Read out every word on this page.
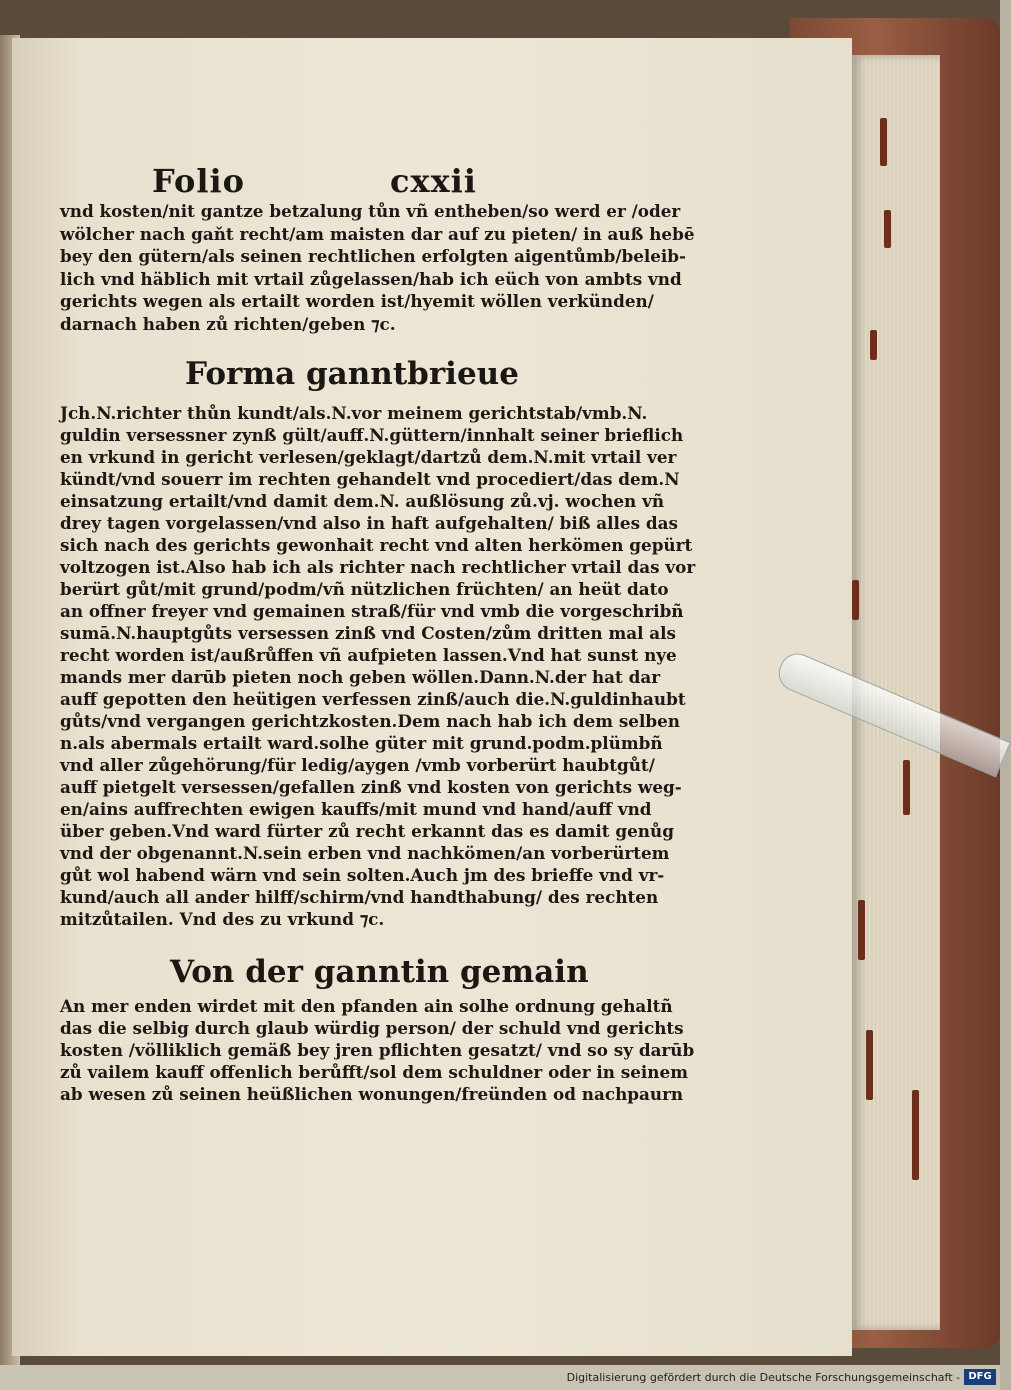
Folio	cxxii
vnd kosten/nit gantze betzalung tůn vñ entheben/so werd er /oder
wölcher nach gaňt recht/am maisten dar auf zu pieten/ in auß hebē
bey den gütern/als seinen rechtlichen erfolgten aigentůmb/beleib-
lich vnd häblich mit vrtail zůgelassen/hab ich eüch von ambts vnd
gerichts wegen als ertailt worden ist/hyemit wöllen verkünden/
darnach haben zů richten/geben ⁊c.
Forma ganntbrieue
Jch.N.richter thůn kundt/als.N.vor meinem gerichtstab/vmb.N.
guldin versessner zynß gült/auff.N.güttern/innhalt seiner brieflich
en vrkund in gericht verlesen/geklagt/dartzů dem.N.mit vrtail ver
kündt/vnd souerr im rechten gehandelt vnd procediert/das dem.N
einsatzung ertailt/vnd damit dem.N. außlösung zů.vj. wochen vñ
drey tagen vorgelassen/vnd also in haft aufgehalten/ biß alles das
sich nach des gerichts gewonhait recht vnd alten herkömen gepürt
voltzogen ist.Also hab ich als richter nach rechtlicher vrtail das vor
berürt gůt/mit grund/podm/vñ nützlichen früchten/ an heüt dato
an offner freyer vnd gemainen straß/für vnd vmb die vorgeschribñ
sumā.N.hauptgůts versessen zinß vnd Costen/zům dritten mal als
recht worden ist/außrůffen vñ aufpieten lassen.Vnd hat sunst nye
mands mer darūb pieten noch geben wöllen.Dann.N.der hat dar
auff gepotten den heütigen verfessen zinß/auch die.N.guldinhaubt
gůts/vnd vergangen gerichtzkosten.Dem nach hab ich dem selben
n.als abermals ertailt ward.solhe güter mit grund.podm.plümbñ
vnd aller zůgehörung/für ledig/aygen /vmb vorberürt haubtgůt/
auff pietgelt versessen/gefallen zinß vnd kosten von gerichts weg-
en/ains auffrechten ewigen kauffs/mit mund vnd hand/auff vnd
über geben.Vnd ward fürter zů recht erkannt das es damit genůg
vnd der obgenannt.N.sein erben vnd nachkömen/an vorberürtem
gůt wol habend wärn vnd sein solten.Auch jm des brieffe vnd vr-
kund/auch all ander hilff/schirm/vnd handthabung/ des rechten
mitzůtailen. Vnd des zu vrkund ⁊c.
Von der ganntin gemain
An mer enden wirdet mit den pfanden ain solhe ordnung gehaltñ
das die selbig durch glaub würdig person/ der schuld vnd gerichts
kosten /völliklich gemäß bey jren pflichten gesatzt/ vnd so sy darūb
zů vailem kauff offenlich berůfft/sol dem schuldner oder in seinem
ab wesen zů seinen heüßlichen wonungen/freünden od nachpaurn
Digitalisierung gefördert durch die Deutsche Forschungsgemeinschaft - DFG
